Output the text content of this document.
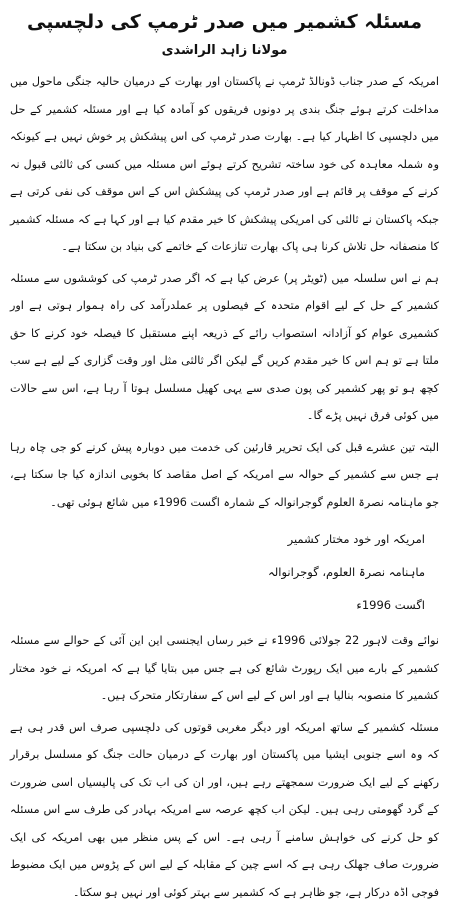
مسئلہ کشمیر میں صدر ٹرمپ کی دلچسپی
مولانا زاہد الراشدی

امریکہ کے صدر جناب ڈونالڈ ٹرمپ نے پاکستان اور بھارت کے درمیان حالیہ جنگی ماحول میں مداخلت کرتے ہوئے جنگ بندی پر دونوں فریقوں کو آمادہ کیا ہے اور مسئلہ کشمیر کے حل میں دلچسپی کا اظہار کیا ہے۔ بھارت صدر ٹرمپ کی اس پیشکش پر خوش نہیں ہے کیونکہ وہ شملہ معاہدہ کی خود ساختہ تشریح کرتے ہوئے اس مسئلہ میں کسی کی ثالثی قبول نہ کرنے کے موقف پر قائم ہے اور صدر ٹرمپ کی پیشکش اس کے اس موقف کی نفی کرتی ہے جبکہ پاکستان نے ثالثی کی امریکی پیشکش کا خیر مقدم کیا ہے اور کہا ہے کہ مسئلہ کشمیر کا منصفانہ حل تلاش کرنا ہی پاک بھارت تنازعات کے خاتمے کی بنیاد بن سکتا ہے۔

ہم نے اس سلسلہ میں (ٹویٹر پر) عرض کیا ہے کہ اگر صدر ٹرمپ کی کوششوں سے مسئلہ کشمیر کے حل کے لیے اقوام متحدہ کے فیصلوں پر عملدرآمد کی راہ ہموار ہوتی ہے اور کشمیری عوام کو آزادانہ استصواب رائے کے ذریعہ اپنے مستقبل کا فیصلہ خود کرنے کا حق ملتا ہے تو ہم اس کا خیر مقدم کریں گے لیکن اگر ثالثی مثل اور وقت گزاری کے لیے ہے سب کچھ ہو تو پھر کشمیر کی پون صدی سے یہی کھیل مسلسل ہوتا آ رہا ہے، اس سے حالات میں کوئی فرق نہیں پڑے گا۔

البتہ تین عشرے قبل کی ایک تحریر قارئین کی خدمت میں دوبارہ پیش کرنے کو جی چاہ رہا ہے جس سے کشمیر کے حوالہ سے امریکہ کے اصل مقاصد کا بخوبی اندازہ کیا جا سکتا ہے، جو ماہنامہ نصرۃ العلوم گوجرانوالہ کے شمارہ اگست 1996ء میں شائع ہوئی تھی۔

امریکہ اور خود مختار کشمیر
ماہنامہ نصرۃ العلوم، گوجرانوالہ
اگست 1996ء

نوائے وقت لاہور 22 جولائی 1996ء نے خبر رساں ایجنسی این این آئی کے حوالے سے مسئلہ کشمیر کے بارے میں ایک رپورٹ شائع کی ہے جس میں بتایا گیا ہے کہ امریکہ نے خود مختار کشمیر کا منصوبہ بنالیا ہے اور اس کے لیے اس کے سفارتکار متحرک ہیں۔

مسئلہ کشمیر کے ساتھ امریکہ اور دیگر مغربی قوتوں کی دلچسپی صرف اس قدر ہی ہے کہ وہ اسے جنوبی ایشیا میں پاکستان اور بھارت کے درمیان حالت جنگ کو مسلسل برقرار رکھنے کے لیے ایک ضرورت سمجھتے رہے ہیں، اور ان کی اب تک کی پالیسیاں اسی ضرورت کے گرد گھومتی رہی ہیں۔ لیکن اب کچھ عرصہ سے امریکہ بہادر کی طرف سے اس مسئلہ کو حل کرنے کی خواہش سامنے آ رہی ہے۔ اس کے پس منظر میں بھی امریکہ کی ایک ضرورت صاف جھلک رہی ہے کہ اسے چین کے مقابلہ کے لیے اس کے پڑوس میں ایک مضبوط فوجی اڈہ درکار ہے، جو ظاہر ہے کہ کشمیر سے بہتر کوئی اور نہیں ہو سکتا۔
